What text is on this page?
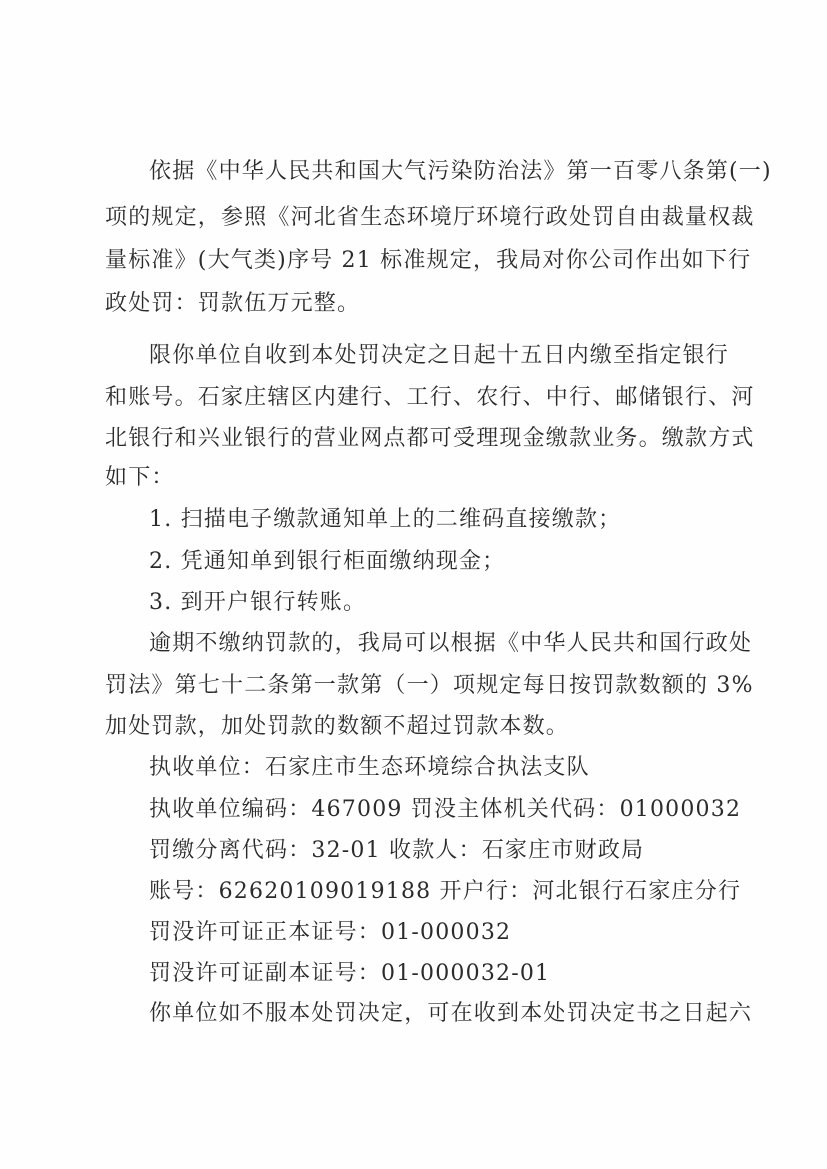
依据《中华人民共和国大气污染防治法》第一百零八条第(一)
项的规定，参照《河北省生态环境厅环境行政处罚自由裁量权裁
量标准》(大气类)序号 21 标准规定，我局对你公司作出如下行
政处罚：罚款伍万元整。
限你单位自收到本处罚决定之日起十五日内缴至指定银行
和账号。石家庄辖区内建行、工行、农行、中行、邮储银行、河
北银行和兴业银行的营业网点都可受理现金缴款业务。缴款方式
如下：
1. 扫描电子缴款通知单上的二维码直接缴款；
2. 凭通知单到银行柜面缴纳现金；
3. 到开户银行转账。
逾期不缴纳罚款的，我局可以根据《中华人民共和国行政处
罚法》第七十二条第一款第（一）项规定每日按罚款数额的 3%
加处罚款，加处罚款的数额不超过罚款本数。
执收单位：石家庄市生态环境综合执法支队
执收单位编码：467009 罚没主体机关代码：01000032
罚缴分离代码：32-01 收款人：石家庄市财政局
账号：62620109019188 开户行：河北银行石家庄分行
罚没许可证正本证号：01-000032
罚没许可证副本证号：01-000032-01
你单位如不服本处罚决定，可在收到本处罚决定书之日起六
